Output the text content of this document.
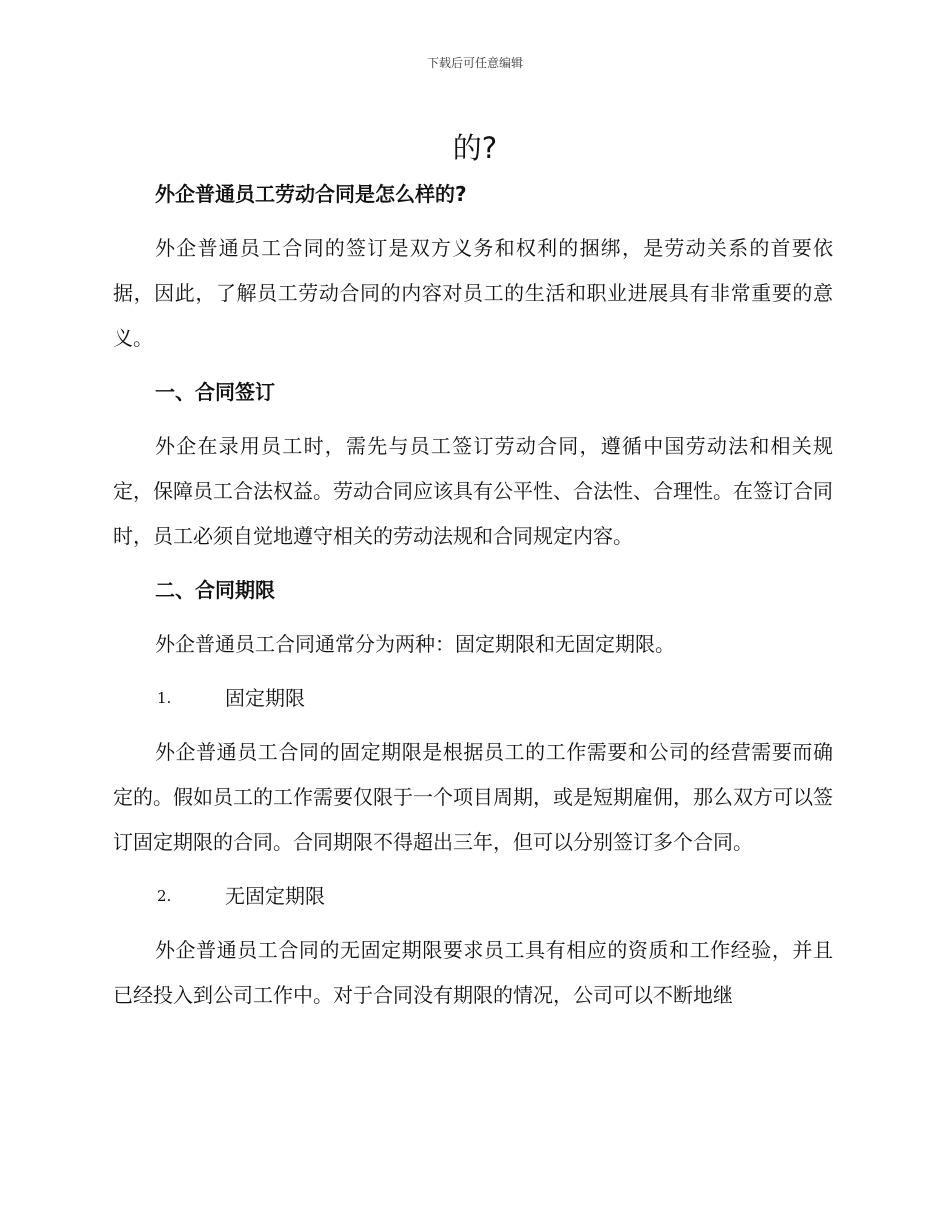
下载后可任意编辑
的?
外企普通员工劳动合同是怎么样的?

外企普通员工合同的签订是双方义务和权利的捆绑，是劳动关系的首要依据，因此，了解员工劳动合同的内容对员工的生活和职业进展具有非常重要的意义。

一、合同签订

外企在录用员工时，需先与员工签订劳动合同，遵循中国劳动法和相关规定，保障员工合法权益。劳动合同应该具有公平性、合法性、合理性。在签订合同时，员工必须自觉地遵守相关的劳动法规和合同规定内容。

二、合同期限

外企普通员工合同通常分为两种：固定期限和无固定期限。

1.	固定期限

外企普通员工合同的固定期限是根据员工的工作需要和公司的经营需要而确定的。假如员工的工作需要仅限于一个项目周期，或是短期雇佣，那么双方可以签订固定期限的合同。合同期限不得超出三年，但可以分别签订多个合同。

2.	无固定期限

外企普通员工合同的无固定期限要求员工具有相应的资质和工作经验，并且已经投入到公司工作中。对于合同没有期限的情况，公司可以不断地继
